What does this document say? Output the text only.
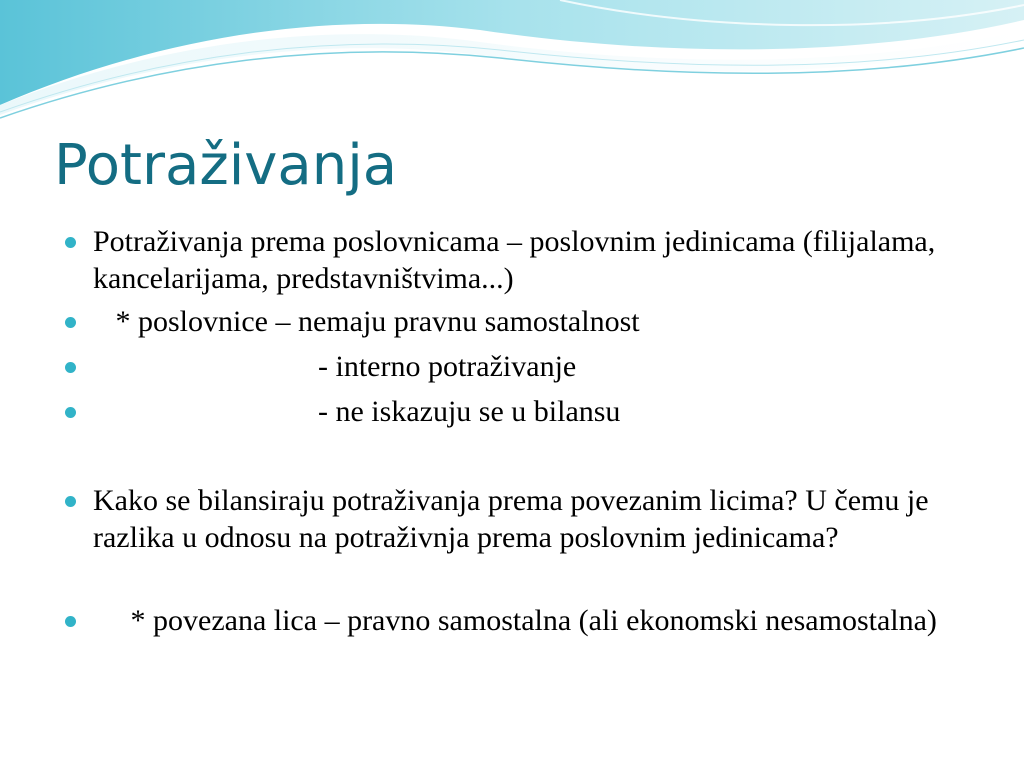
Potraživanja

Potraživanja prema poslovnicama – poslovnim jedinicama (filijalama, kancelarijama, predstavništvima...)

* poslovnice – nemaju pravnu samostalnost

- interno potraživanje

- ne iskazuju se u bilansu

Kako se bilansiraju potraživanja prema povezanim licima? U čemu je razlika u odnosu na potraživnja prema poslovnim jedinicama?

* povezana lica – pravno samostalna (ali ekonomski nesamostalna)
